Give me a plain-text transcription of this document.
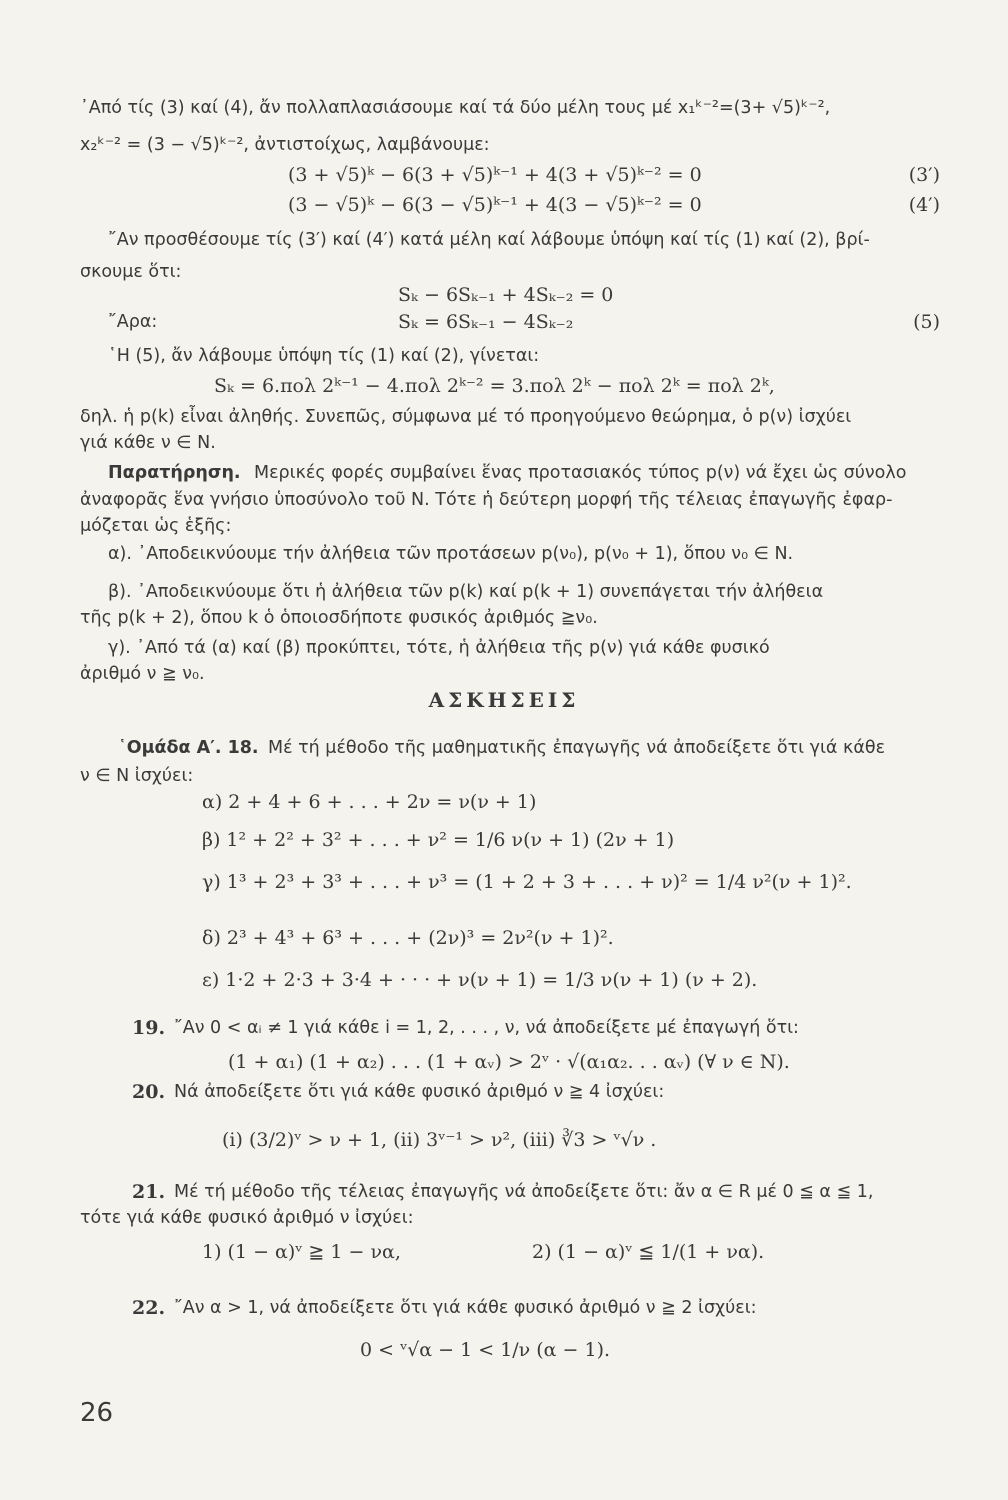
᾿Από τίς (3) καί (4), ἄν πολλαπλασιάσουμε καί τά δύο μέλη τους μέ x₁ᵏ⁻²=(3+ √5)ᵏ⁻²,
x₂ᵏ⁻² = (3 − √5)ᵏ⁻², ἀντιστοίχως, λαμβάνουμε:
(3 + √5)ᵏ − 6(3 + √5)ᵏ⁻¹ + 4(3 + √5)ᵏ⁻² = 0	(3′)
(3 − √5)ᵏ − 6(3 − √5)ᵏ⁻¹ + 4(3 − √5)ᵏ⁻² = 0	(4′)
῎Αν προσθέσουμε τίς (3′) καί (4′) κατά μέλη καί λάβουμε ὑπόψη καί τίς (1) καί (2), βρί-
σκουμε ὅτι:
Sₖ − 6Sₖ₋₁ + 4Sₖ₋₂ = 0
῎Αρα:	Sₖ = 6Sₖ₋₁ − 4Sₖ₋₂	(5)
῾Η (5), ἄν λάβουμε ὑπόψη τίς (1) καί (2), γίνεται:
Sₖ = 6.πολ 2ᵏ⁻¹ − 4.πολ 2ᵏ⁻² = 3.πολ 2ᵏ − πολ 2ᵏ = πολ 2ᵏ,
δηλ. ἡ p(k) εἶναι ἀληθής. Συνεπῶς, σύμφωνα μέ τό προηγούμενο θεώρημα, ὁ p(ν) ἰσχύει
γιά κάθε ν ∈ N.
Παρατήρηση. Μερικές φορές συμβαίνει ἕνας προτασιακός τύπος p(ν) νά ἔχει ὡς σύνολο
ἀναφορᾶς ἕνα γνήσιο ὑποσύνολο τοῦ N. Τότε ἡ δεύτερη μορφή τῆς τέλειας ἐπαγωγῆς ἐφαρ-
μόζεται ὡς ἑξῆς:
α). ᾿Αποδεικνύουμε τήν ἀλήθεια τῶν προτάσεων p(ν₀), p(ν₀ + 1), ὅπου ν₀ ∈ N.
β). ᾿Αποδεικνύουμε ὅτι ἡ ἀλήθεια τῶν p(k) καί p(k + 1) συνεπάγεται τήν ἀλήθεια
τῆς p(k + 2), ὅπου k ὁ ὁποιοσδήποτε φυσικός ἀριθμός ≧ν₀.
γ). ᾿Από τά (α) καί (β) προκύπτει, τότε, ἡ ἀλήθεια τῆς p(ν) γιά κάθε φυσικό
ἀριθμό ν ≧ ν₀.
ΑΣΚΗΣΕΙΣ
῾Ομάδα Α′. 18. Μέ τή μέθοδο τῆς μαθηματικῆς ἐπαγωγῆς νά ἀποδείξετε ὅτι γιά κάθε
ν ∈ N ἰσχύει:
α) 2 + 4 + 6 + . . . + 2ν = ν(ν + 1)
β) 1² + 2² + 3² + . . . + ν² = 1/6 ν(ν + 1) (2ν + 1)
γ) 1³ + 2³ + 3³ + . . . + ν³ = (1 + 2 + 3 + . . . + ν)² = 1/4 ν²(ν + 1)².
δ) 2³ + 4³ + 6³ + . . . + (2ν)³ = 2ν²(ν + 1)².
ε) 1·2 + 2·3 + 3·4 + · · · + ν(ν + 1) = 1/3 ν(ν + 1) (ν + 2).
19. ῎Αν 0 < αᵢ ≠ 1 γιά κάθε i = 1, 2, . . . , ν, νά ἀποδείξετε μέ ἐπαγωγή ὅτι:
(1 + α₁) (1 + α₂) . . . (1 + αᵥ) > 2ᵛ · √(α₁α₂. . . αᵥ) (∀ ν ∈ N).
20. Νά ἀποδείξετε ὅτι γιά κάθε φυσικό ἀριθμό ν ≧ 4 ἰσχύει:
(i) (3/2)ᵛ > ν + 1, (ii) 3ᵛ⁻¹ > ν², (iii) ∛3 > ᵛ√ν .
21. Μέ τή μέθοδο τῆς τέλειας ἐπαγωγῆς νά ἀποδείξετε ὅτι: ἄν α ∈ R μέ 0 ≦ α ≦ 1,
τότε γιά κάθε φυσικό ἀριθμό ν ἰσχύει:
1) (1 − α)ᵛ ≧ 1 − να,	2) (1 − α)ᵛ ≦ 1/(1 + να).
22. ῎Αν α > 1, νά ἀποδείξετε ὅτι γιά κάθε φυσικό ἀριθμό ν ≧ 2 ἰσχύει:
0 < ᵛ√α − 1 < 1/ν (α − 1).
26
